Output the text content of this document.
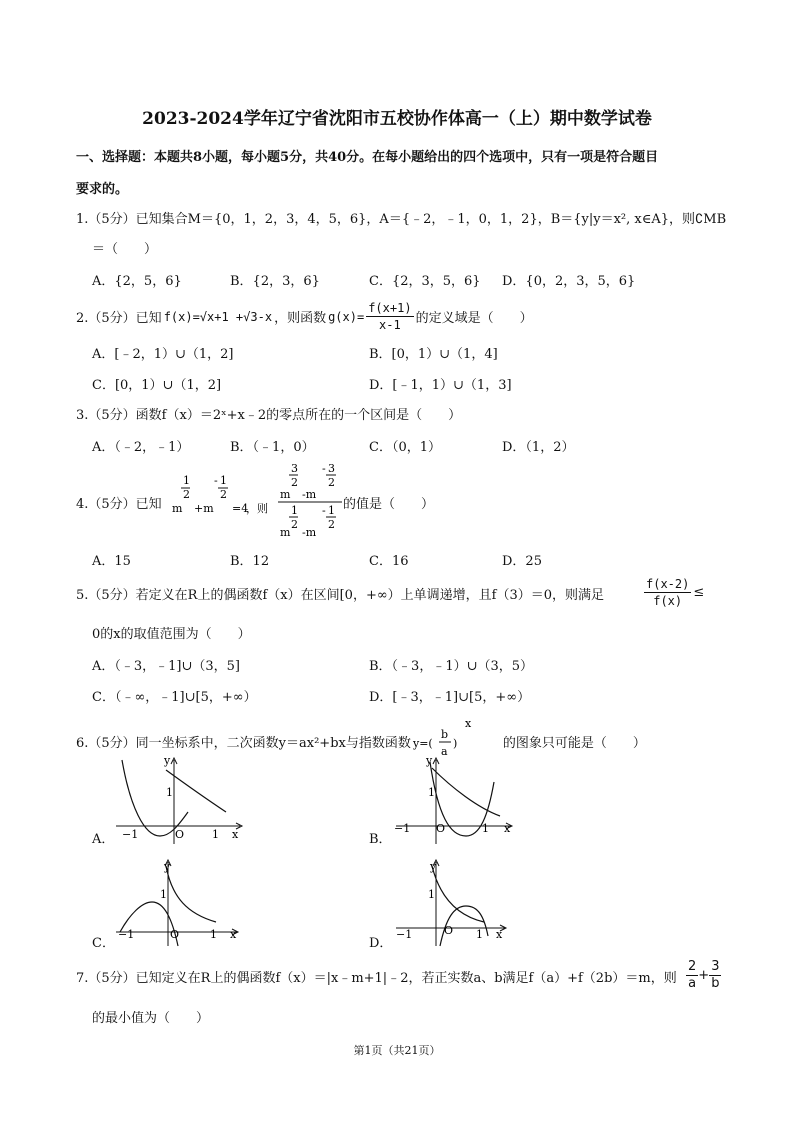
2023-2024学年辽宁省沈阳市五校协作体高一（上）期中数学试卷
一、选择题：本题共8小题，每小题5分，共40分。在每小题给出的四个选项中，只有一项是符合题目
要求的。
1.（5分）已知集合M＝{0，1，2，3，4，5，6}，A＝{﹣2，﹣1，0，1，2}，B＝{y|y＝x², x∈A}，则∁MB
＝（　　）
A．{2，5，6}	B．{2，3，6}	C．{2，3，5，6} D．{0，2，3，5，6}
2.（5分）已知 f(x)=√x+1 +√3-x ，则函数 $g(x)= \frac{f(x+1)}{x-1}$ 的定义域是（　　）
A．[﹣2，1）∪（1，2]	B．[0，1）∪（1，4]
C．[0，1）∪（1，2]	D．[﹣1，1）∪（1，3]
3.（5分）函数f（x）＝2ˣ+x﹣2的零点所在的一个区间是（　　）
A．（﹣2，﹣1）	B．（﹣1，0）	C．（0，1）	D．（1，2）
4.（5分）已知 m
1
2
+m
- 1
2
=4
，则
m
3
2
-m
- 3
2
m
1
2
-m
- 1
2
的值是（　　）
A．15	B．12	C．16	D．25
5.（5分）若定义在R上的偶函数f（x）在区间[0，+∞）上单调递增，且f（3）＝0，则满足	$\frac{f(x-2)}{f(x)}$ ≤
0的x的取值范围为（　　）
A．（﹣3，﹣1]∪（3，5]	B．（﹣3，﹣1）∪（3，5）
C．（﹣∞，﹣1]∪[5，+∞）	D．[﹣3，﹣1]∪[5，+∞）
6.（5分）同一坐标系中，二次函数y＝ax²+bx与指数函数 y=(
b
a
)
x
的图象只可能是（　　）
A．
y
1
−1	O	1 x	B．
y
1
−1 O	1 x
C．
y
1
−1	O	1 x
D．
y
1
−1	O 1 x
7.（5分）已知定义在R上的偶函数f（x）＝|x﹣m+1|﹣2，若正实数a、b满足f（a）+f（2b）＝m，则 $\frac{2}{a} + \frac{3}{b}$
的最小值为（　　）
第1页（共21页）
